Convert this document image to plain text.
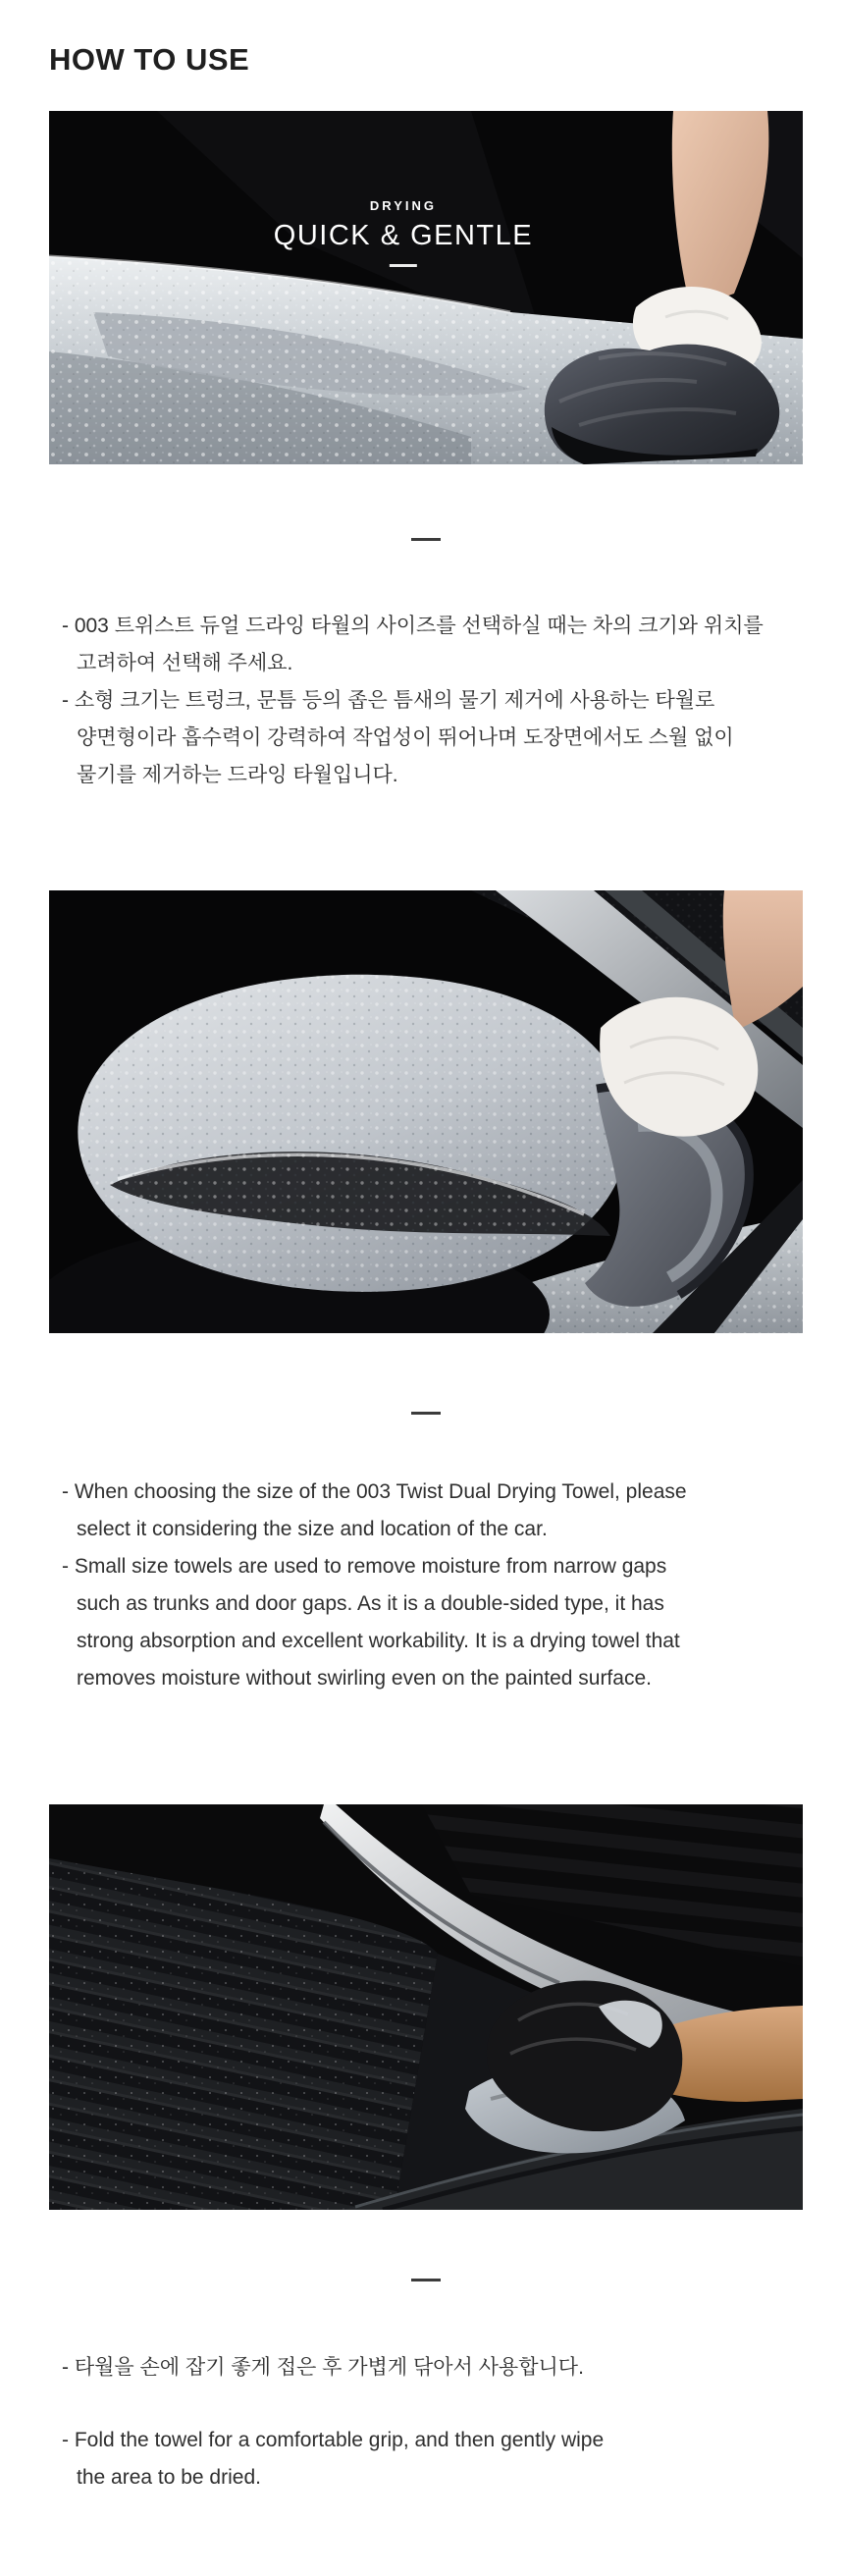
HOW TO USE
DRYING
QUICK & GENTLE
- 003 트위스트 듀얼 드라잉 타월의 사이즈를 선택하실 때는 차의 크기와 위치를
고려하여 선택해 주세요.
- 소형 크기는 트렁크, 문틈 등의 좁은 틈새의 물기 제거에 사용하는 타월로
양면형이라 흡수력이 강력하여 작업성이 뛰어나며 도장면에서도 스월 없이
물기를 제거하는 드라잉 타월입니다.
- When choosing the size of the 003 Twist Dual Drying Towel, please
select it considering the size and location of the car.
- Small size towels are used to remove moisture from narrow gaps
such as trunks and door gaps. As it is a double-sided type, it has
strong absorption and excellent workability. It is a drying towel that
removes moisture without swirling even on the painted surface.
- 타월을 손에 잡기 좋게 접은 후 가볍게 닦아서 사용합니다.
- Fold the towel for a comfortable grip, and then gently wipe
the area to be dried.
